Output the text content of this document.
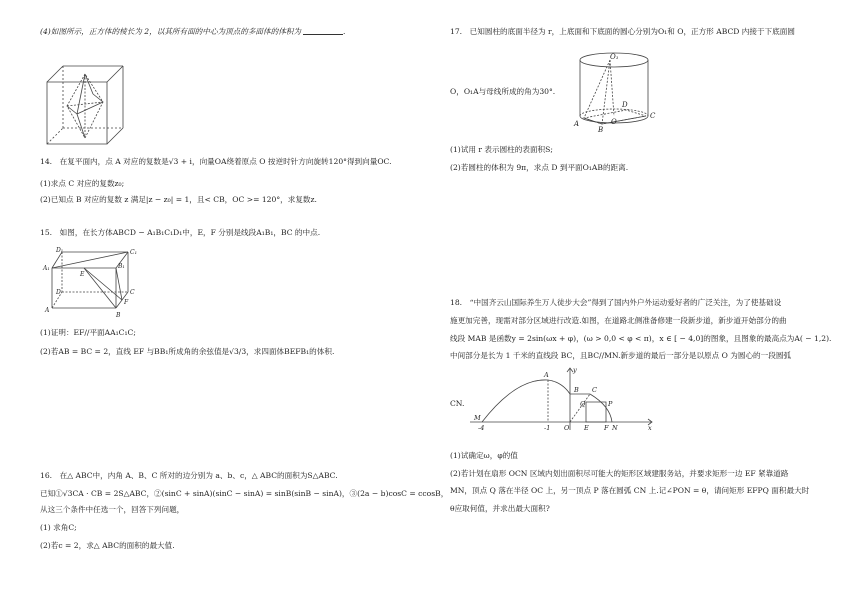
(4)如图所示，正方体的棱长为 2，以其所有面的中心为顶点的多面体的体积为	.
14.　在复平面内，点 A 对应的复数是√3 + i，向量OA绕着原点 O 按逆时针方向旋转120°得到向量OC.
(1)求点 C 对应的复数z₀;
(2)已知点 B 对应的复数 z 满足|z − z₀| = 1，且< CB，OC >= 120°，求复数z.
15.　如图，在长方体ABCD − A₁B₁C₁D₁中，E，F 分别是线段A₁B₁，BC 的中点.
D₁	C₁
A₁	B₁
E
D	C
A
F
B
(1)证明：EF//平面AA₁C₁C;
(2)若AB = BC = 2，直线 EF 与BB₁所成角的余弦值是√3/3，求四面体BEFB₁的体积.
16.　在△ ABC中，内角 A、B、C 所对的边分别为 a、b、c，△ ABC的面积为S△ABC.
已知①√3CA · CB = 2S△ABC，②(sinC + sinA)(sinC − sinA) = sinB(sinB − sinA)，③(2a − b)cosC = ccosB，
从这三个条件中任选一个，回答下列问题，
(1) 求角C;
(2)若c = 2，求△ ABC的面积的最大值.
17.　已知圆柱的底面半径为 r，上底面和下底面的圆心分别为O₁和 O，正方形 ABCD 内接于下底面圆
O₁
D
C
A
B
O
O，O₁A与母线所成的角为30°.
(1)试用 r 表示圆柱的表面积S;
(2)若圆柱的体积为 9π，求点 D 到平面O₁AB的距离.
18.　“中国齐云山国际养生万人徒步大会”得到了国内外户外运动爱好者的广泛关注，为了使基础设
施更加完善，现需对部分区域进行改造.如图，在道路北侧准备修建一段新步道，新步道开始部分的曲
线段 MAB 是函数y = 2sin(ωx + φ)，(ω > 0,0 < φ < π)，x ∈ [ − 4,0]的图象，且图象的最高点为A( − 1,2).
中间部分是长为 1 千米的直线段 BC，且BC//MN.新步道的最后一部分是以原点 O 为圆心的一段圆弧
CN.
y
A
B C
Q	P
M
x
-4	-1 O E F N
(1)试确定ω，φ的值
(2)若计划在扇形 OCN 区域内划出面积尽可能大的矩形区域建服务站，并要求矩形一边 EF 紧靠道路
MN，顶点 Q 落在半径 OC 上，另一顶点 P 落在圆弧 CN 上.记∠PON = θ，请问矩形 EFPQ 面积最大时
θ应取何值，并求出最大面积?
